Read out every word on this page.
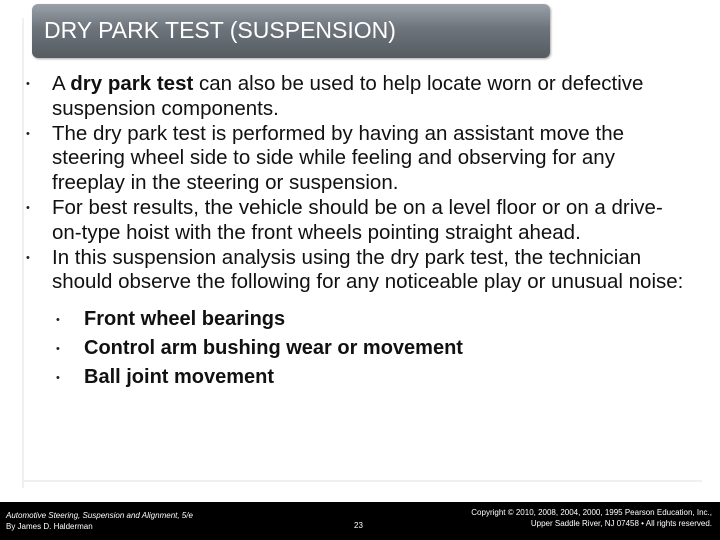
DRY PARK TEST (SUSPENSION)
• A dry park test can also be used to help locate worn or defective suspension components.
• The dry park test is performed by having an assistant move the steering wheel side to side while feeling and observing for any freeplay in the steering or suspension.
• For best results, the vehicle should be on a level floor or on a drive-on-type hoist with the front wheels pointing straight ahead.
• In this suspension analysis using the dry park test, the technician should observe the following for any noticeable play or unusual noise:
• Front wheel bearings
• Control arm bushing wear or movement
• Ball joint movement
Automotive Steering, Suspension and Alignment, 5/e
By James D. Halderman	23
Copyright © 2010, 2008, 2004, 2000, 1995 Pearson Education, Inc.,
Upper Saddle River, NJ 07458 • All rights reserved.
